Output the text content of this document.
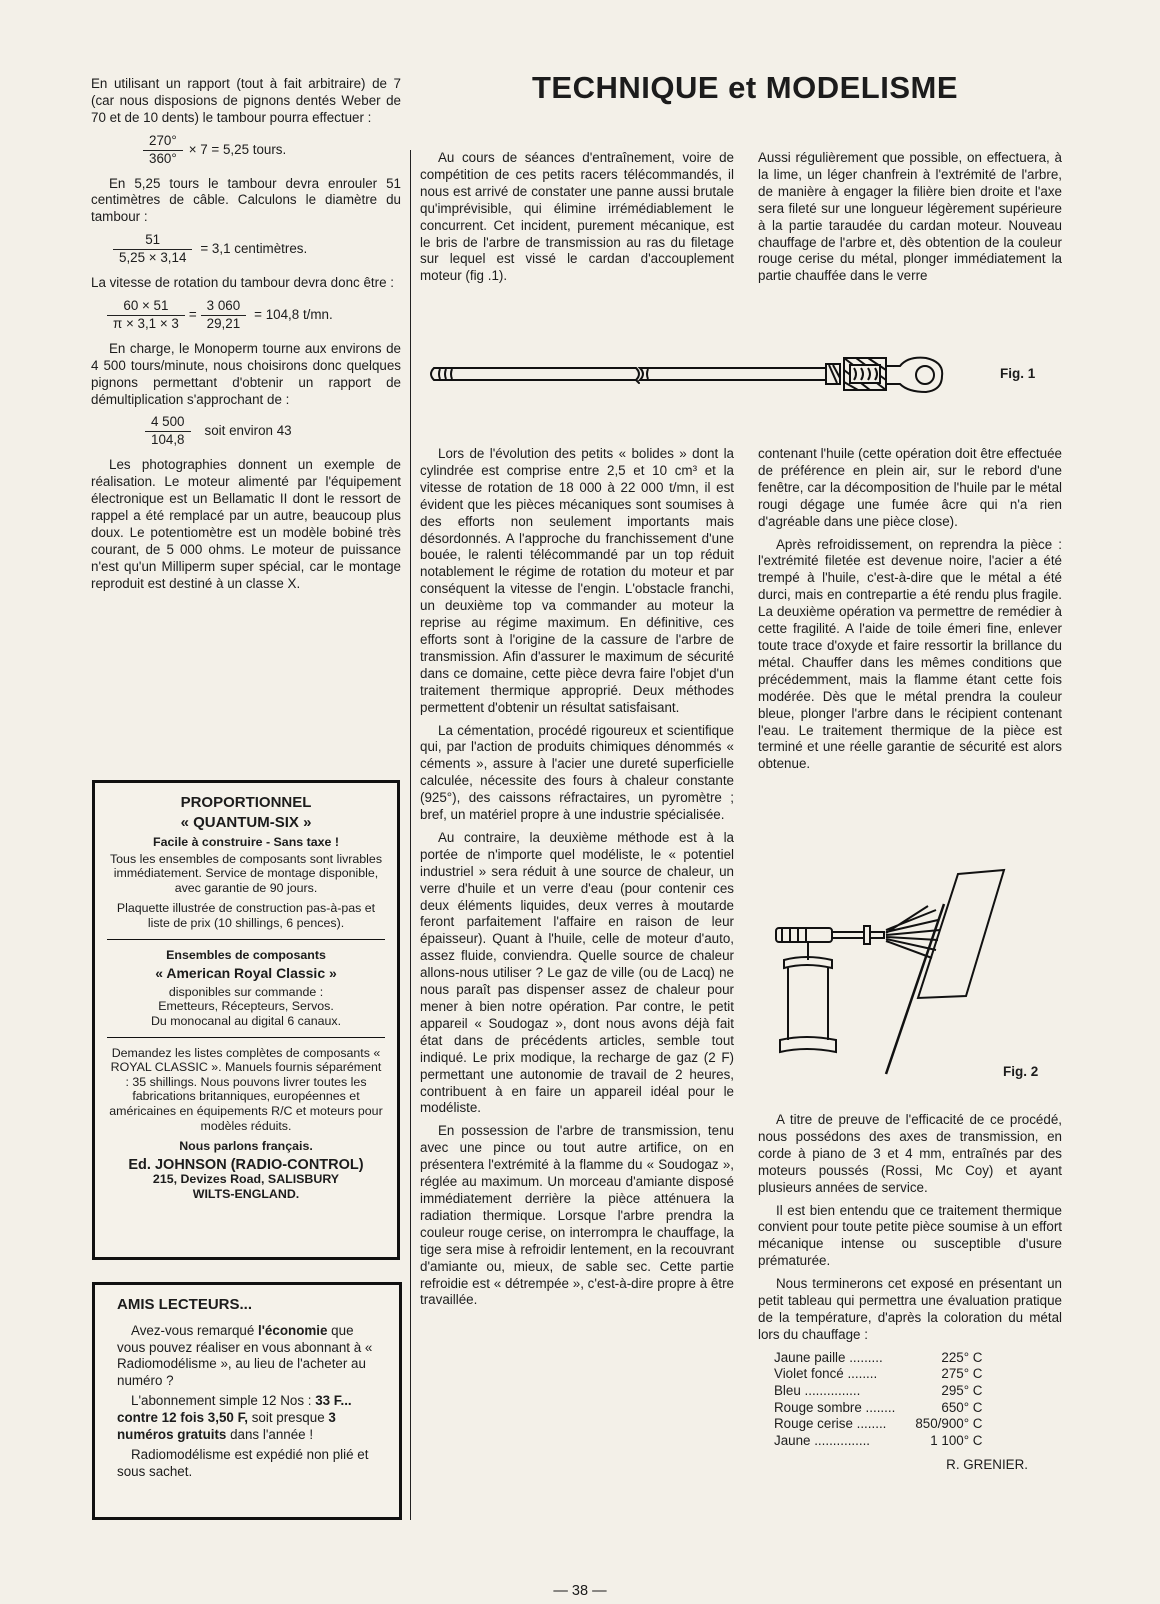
TECHNIQUE et MODELISME

En utilisant un rapport (tout à fait arbitraire) de 7 (car nous disposions de pignons dentés Weber de 70 et de 10 dents) le tambour pourra effectuer :

$\frac{270^\circ}{360^\circ} \times 7 = 5,25$ tours.

En 5,25 tours le tambour devra enrouler 51 centimètres de câble. Calculons le diamètre du tambour :

$\frac{51}{5,25 \times 3,14} = 3,1$ centimètres.

La vitesse de rotation du tambour devra donc être :

$\frac{60 \times 51}{\pi \times 3,1 \times 3} = \frac{3 060}{29,21} = 104,8$ t/mn.

En charge, le Monoperm tourne aux environs de 4 500 tours/minute, nous choisirons donc quelques pignons permettant d'obtenir un rapport de démultiplication s'approchant de :

$\frac{4 500}{104,8}$ soit environ 43

Les photographies donnent un exemple de réalisation. Le moteur alimenté par l'équipement électronique est un Bellamatic II dont le ressort de rappel a été remplacé par un autre, beaucoup plus doux. Le potentiomètre est un modèle bobiné très courant, de 5 000 ohms. Le moteur de puissance n'est qu'un Milliperm super spécial, car le montage reproduit est destiné à un classe X.

PROPORTIONNEL
« QUANTUM-SIX »
Facile à construire - Sans taxe !
Tous les ensembles de composants sont livrables immédiatement. Service de montage disponible, avec garantie de 90 jours.
Plaquette illustrée de construction pas-à-pas et liste de prix (10 shillings, 6 pences).
Ensembles de composants
« American Royal Classic »
disponibles sur commande :
Emetteurs, Récepteurs, Servos.
Du monocanal au digital 6 canaux.
Demandez les listes complètes de composants « ROYAL CLASSIC ». Manuels fournis séparément : 35 shillings. Nous pouvons livrer toutes les fabrications britanniques, européennes et américaines en équipements R/C et moteurs pour modèles réduits.
Nous parlons français.
Ed. JOHNSON (RADIO-CONTROL)
215, Devizes Road, SALISBURY
WILTS-ENGLAND.
AMIS LECTEURS...

Avez-vous remarqué l'économie que vous pouvez réaliser en vous abonnant à « Radiomodélisme », au lieu de l'acheter au numéro ?

L'abonnement simple 12 Nos : 33 F... contre 12 fois 3,50 F, soit presque 3 numéros gratuits dans l'année !

Radiomodélisme est expédié non plié et sous sachet.

Au cours de séances d'entraînement, voire de compétition de ces petits racers télécommandés, il nous est arrivé de constater une panne aussi brutale qu'imprévisible, qui élimine irrémédiablement le concurrent. Cet incident, purement mécanique, est le bris de l'arbre de transmission au ras du filetage sur lequel est vissé le cardan d'accouplement moteur (fig .1).

Aussi régulièrement que possible, on effectuera, à la lime, un léger chanfrein à l'extrémité de l'arbre, de manière à engager la filière bien droite et l'axe sera fileté sur une longueur légèrement supérieure à la partie taraudée du cardan moteur. Nouveau chauffage de l'arbre et, dès obtention de la couleur rouge cerise du métal, plonger immédiatement la partie chauffée dans le verre

Fig. 1

Lors de l'évolution des petits « bolides » dont la cylindrée est comprise entre 2,5 et 10 cm³ et la vitesse de rotation de 18 000 à 22 000 t/mn, il est évident que les pièces mécaniques sont soumises à des efforts non seulement importants mais désordonnés. A l'approche du franchissement d'une bouée, le ralenti télécommandé par un top réduit notablement le régime de rotation du moteur et par conséquent la vitesse de l'engin. L'obstacle franchi, un deuxième top va commander au moteur la reprise au régime maximum. En définitive, ces efforts sont à l'origine de la cassure de l'arbre de transmission. Afin d'assurer le maximum de sécurité dans ce domaine, cette pièce devra faire l'objet d'un traitement thermique approprié. Deux méthodes permettent d'obtenir un résultat satisfaisant.

La cémentation, procédé rigoureux et scientifique qui, par l'action de produits chimiques dénommés « céments », assure à l'acier une dureté superficielle calculée, nécessite des fours à chaleur constante (925°), des caissons réfractaires, un pyromètre ; bref, un matériel propre à une industrie spécialisée.

Au contraire, la deuxième méthode est à la portée de n'importe quel modéliste, le « potentiel industriel » sera réduit à une source de chaleur, un verre d'huile et un verre d'eau (pour contenir ces deux éléments liquides, deux verres à moutarde feront parfaitement l'affaire en raison de leur épaisseur). Quant à l'huile, celle de moteur d'auto, assez fluide, conviendra. Quelle source de chaleur allons-nous utiliser ? Le gaz de ville (ou de Lacq) ne nous paraît pas dispenser assez de chaleur pour mener à bien notre opération. Par contre, le petit appareil « Soudogaz », dont nous avons déjà fait état dans de précédents articles, semble tout indiqué. Le prix modique, la recharge de gaz (2 F) permettant une autonomie de travail de 2 heures, contribuent à en faire un appareil idéal pour le modéliste.

En possession de l'arbre de transmission, tenu avec une pince ou tout autre artifice, on en présentera l'extrémité à la flamme du « Soudogaz », réglée au maximum. Un morceau d'amiante disposé immédiatement derrière la pièce atténuera la radiation thermique. Lorsque l'arbre prendra la couleur rouge cerise, on interrompra le chauffage, la tige sera mise à refroidir lentement, en la recouvrant d'amiante ou, mieux, de sable sec. Cette partie refroidie est « détrempée », c'est-à-dire propre à être travaillée.

contenant l'huile (cette opération doit être effectuée de préférence en plein air, sur le rebord d'une fenêtre, car la décomposition de l'huile par le métal rougi dégage une fumée âcre qui n'a rien d'agréable dans une pièce close).

Après refroidissement, on reprendra la pièce : l'extrémité filetée est devenue noire, l'acier a été trempé à l'huile, c'est-à-dire que le métal a été durci, mais en contrepartie a été rendu plus fragile. La deuxième opération va permettre de remédier à cette fragilité. A l'aide de toile émeri fine, enlever toute trace d'oxyde et faire ressortir la brillance du métal. Chauffer dans les mêmes conditions que précédemment, mais la flamme étant cette fois modérée. Dès que le métal prendra la couleur bleue, plonger l'arbre dans le récipient contenant l'eau. Le traitement thermique de la pièce est terminé et une réelle garantie de sécurité est alors obtenue.

Fig. 2

A titre de preuve de l'efficacité de ce procédé, nous possédons des axes de transmission, en corde à piano de 3 et 4 mm, entraînés par des moteurs poussés (Rossi, Mc Coy) et ayant plusieurs années de service.

Il est bien entendu que ce traitement thermique convient pour toute petite pièce soumise à un effort mécanique intense ou susceptible d'usure prématurée.

Nous terminerons cet exposé en présentant un petit tableau qui permettra une évaluation pratique de la température, d'après la coloration du métal lors du chauffage :

Jaune paille .........	225° C
Violet foncé ........	275° C
Bleu ...............	295° C
Rouge sombre ........	650° C
Rouge cerise ........	850/900° C
Jaune ...............	1 100° C
R. GRENIER.
— 38 —
